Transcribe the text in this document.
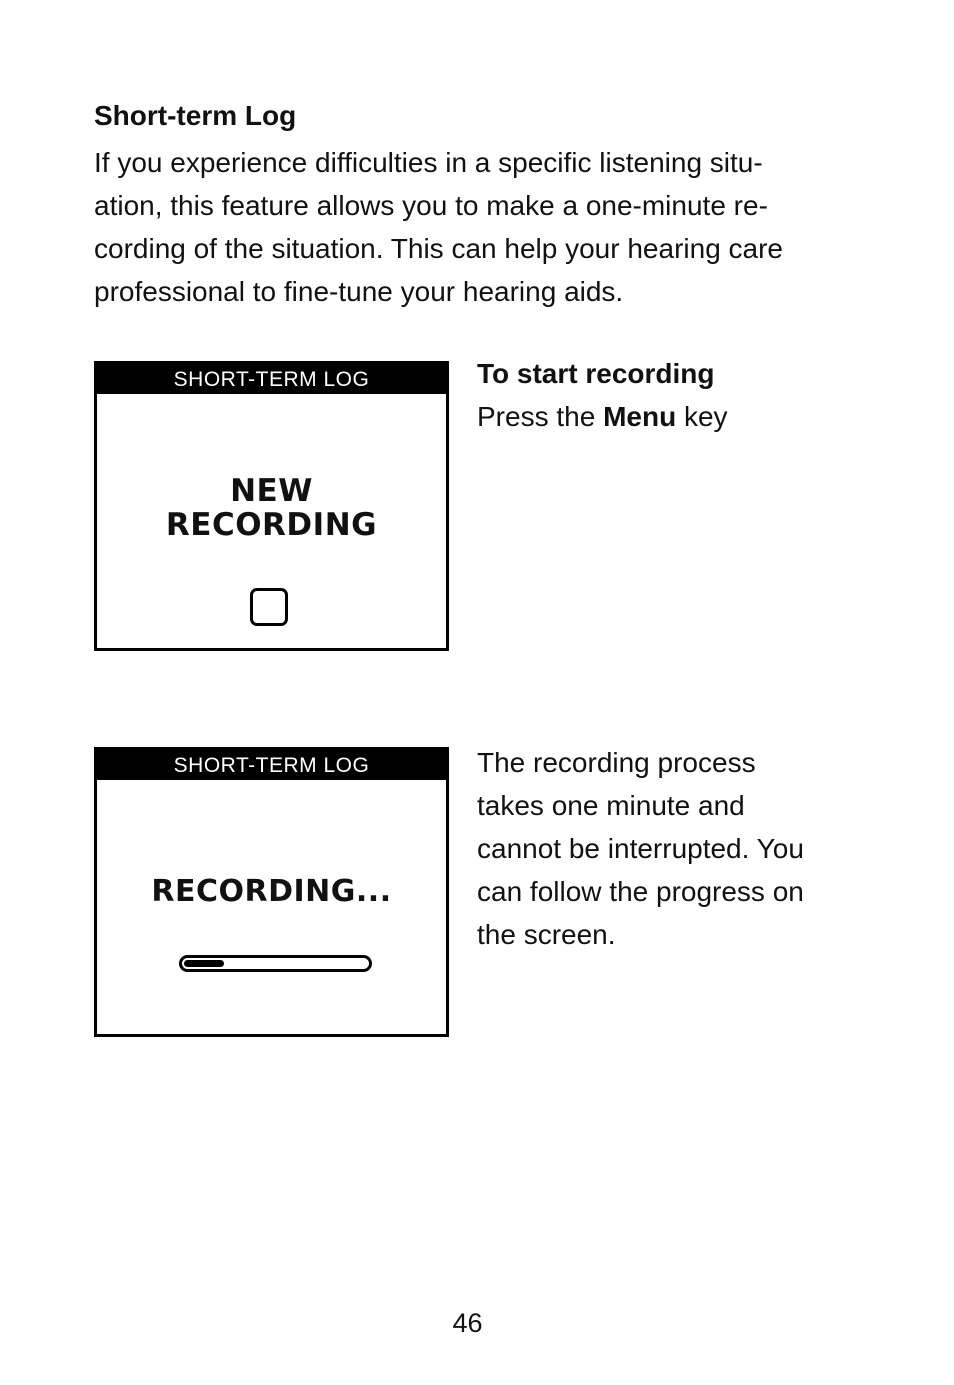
Short-term Log

If you experience difficulties in a specific listening situ-
ation, this feature allows you to make a one-minute re-
cording of the situation. This can help your hearing care
professional to fine-tune your hearing aids.

SHORT-TERM LOG
NEW
RECORDING
To start recording

Press the Menu key

SHORT-TERM LOG
RECORDING...

The recording process
takes one minute and
cannot be interrupted. You
can follow the progress on
the screen.

46
